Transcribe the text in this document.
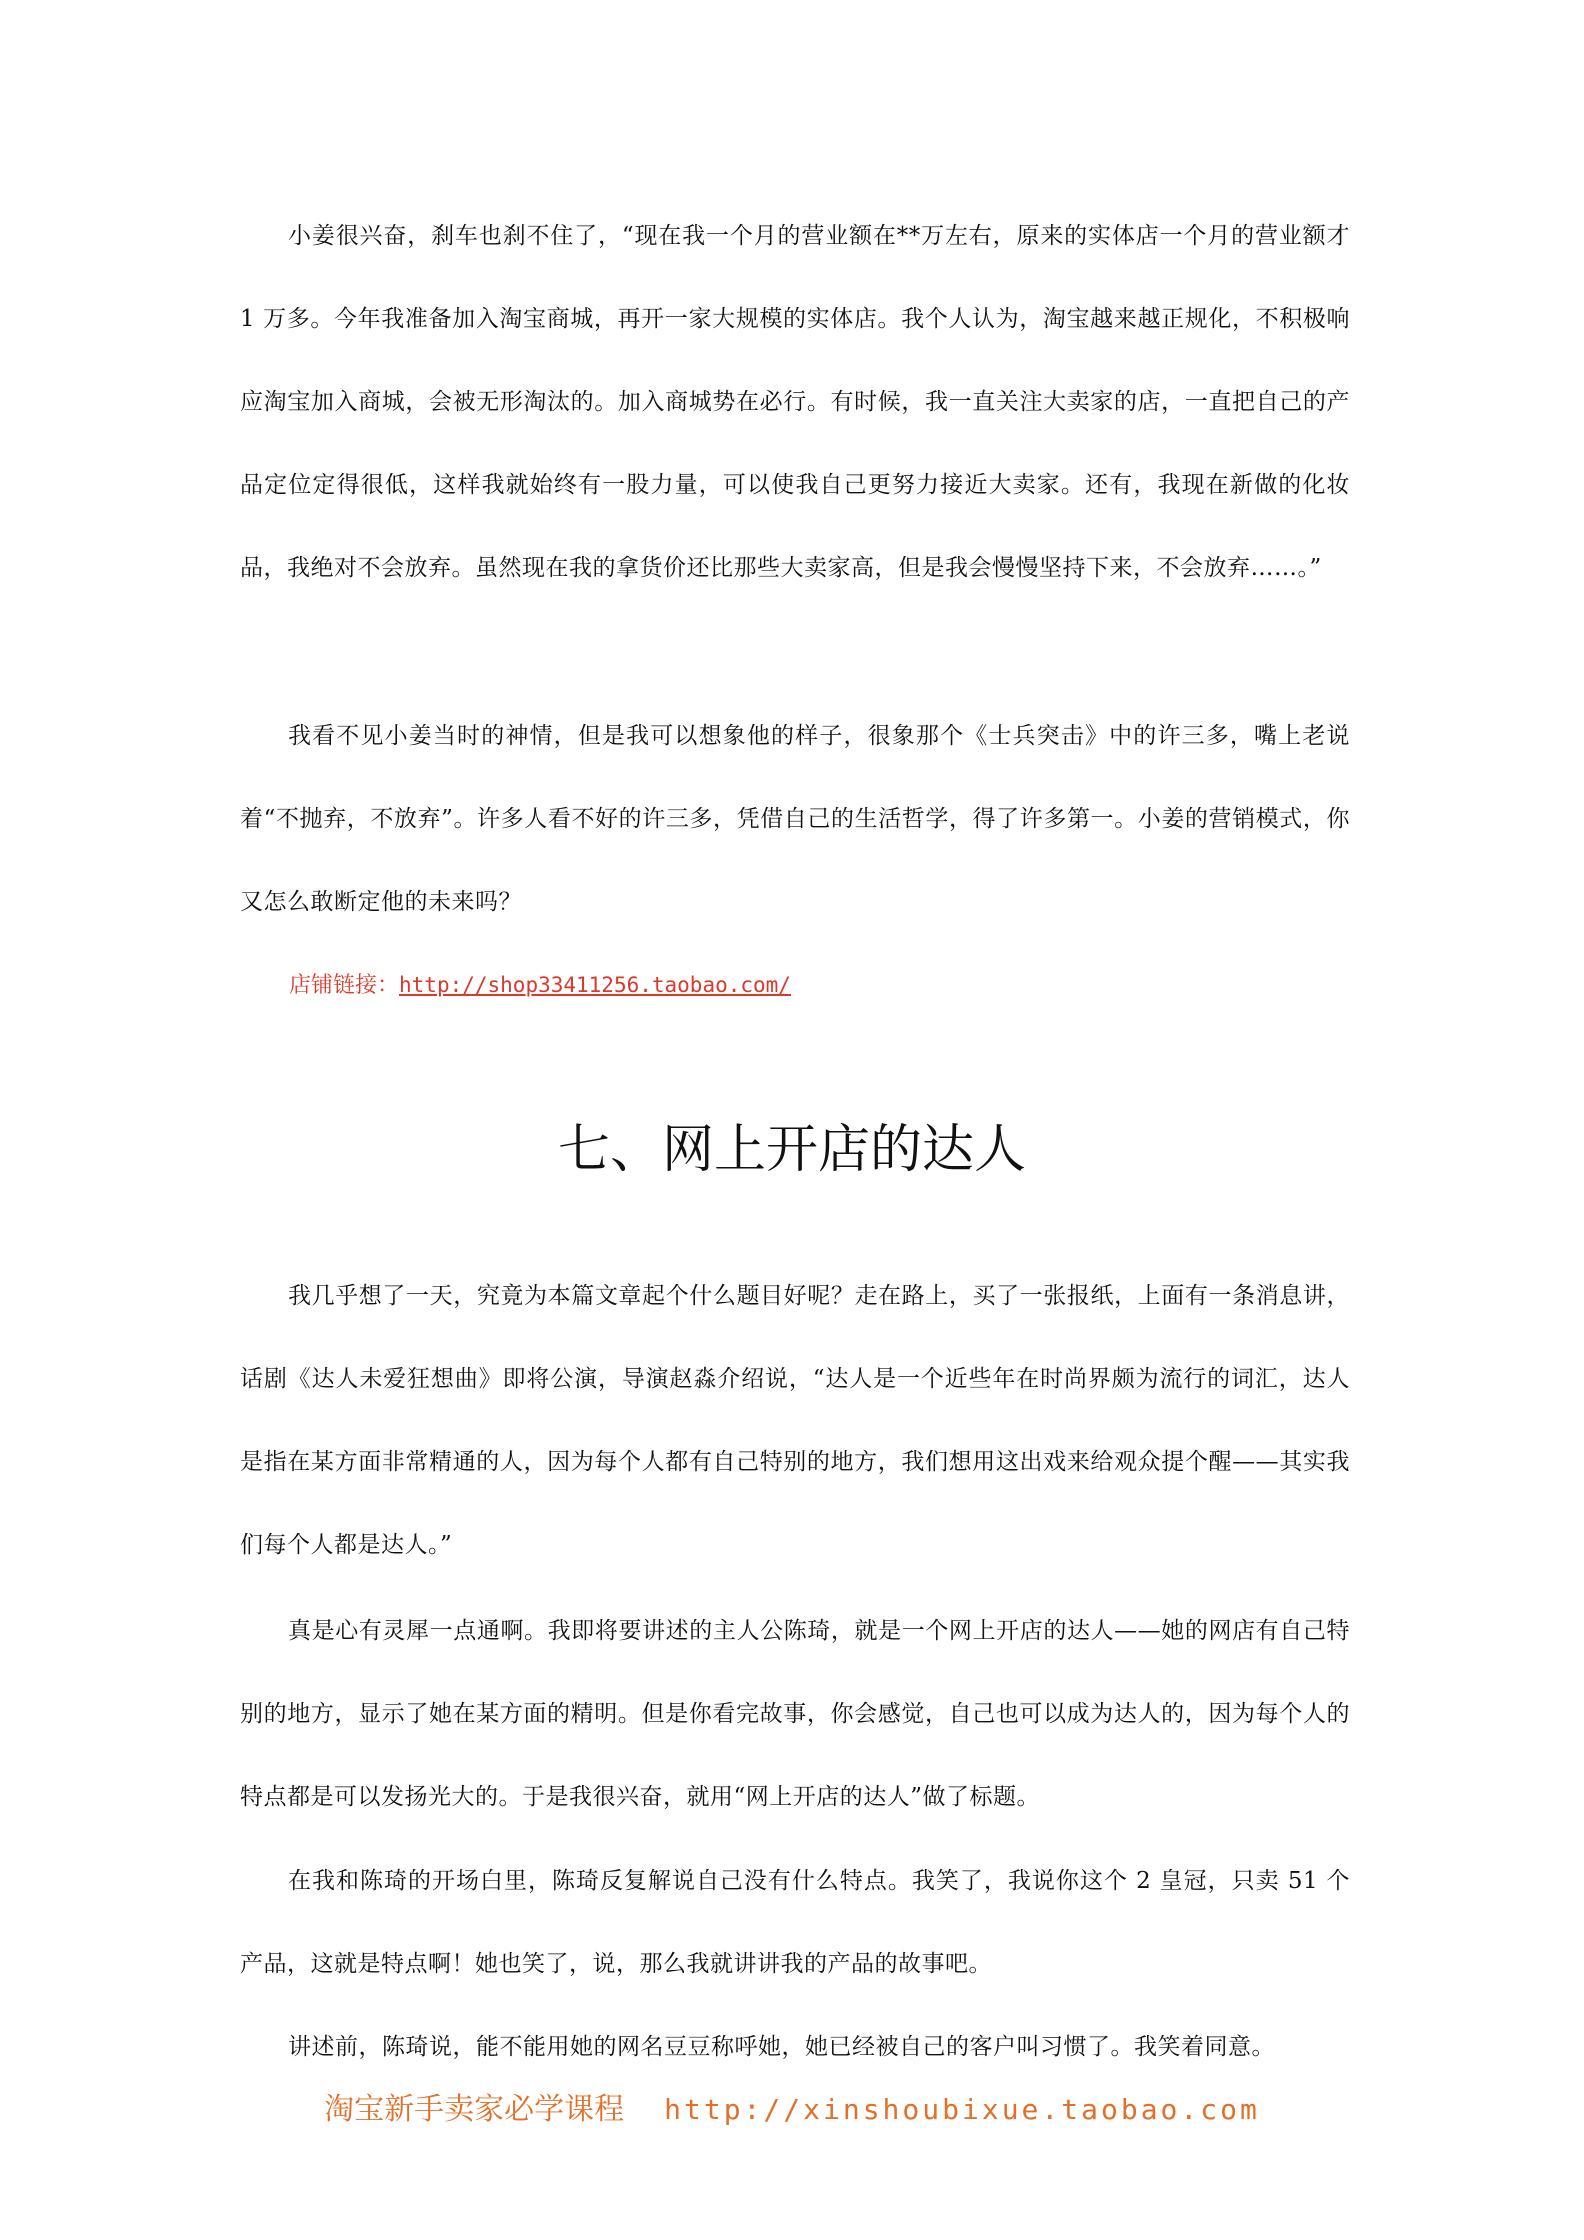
小姜很兴奋，刹车也刹不住了，“现在我一个月的营业额在**万左右，原来的实体店一个月的营业额才 1 万多。今年我准备加入淘宝商城，再开一家大规模的实体店。我个人认为，淘宝越来越正规化，不积极响应淘宝加入商城，会被无形淘汰的。加入商城势在必行。有时候，我一直关注大卖家的店，一直把自己的产品定位定得很低，这样我就始终有一股力量，可以使我自己更努力接近大卖家。还有，我现在新做的化妆品，我绝对不会放弃。虽然现在我的拿货价还比那些大卖家高，但是我会慢慢坚持下来，不会放弃……。”

我看不见小姜当时的神情，但是我可以想象他的样子，很象那个《士兵突击》中的许三多，嘴上老说着“不抛弃，不放弃”。许多人看不好的许三多，凭借自己的生活哲学，得了许多第一。小姜的营销模式，你又怎么敢断定他的未来吗？

店铺链接：http://shop33411256.taobao.com/
七、网上开店的达人

我几乎想了一天，究竟为本篇文章起个什么题目好呢？走在路上，买了一张报纸，上面有一条消息讲，话剧《达人未爱狂想曲》即将公演，导演赵淼介绍说，“达人是一个近些年在时尚界颇为流行的词汇，达人是指在某方面非常精通的人，因为每个人都有自己特别的地方，我们想用这出戏来给观众提个醒——其实我们每个人都是达人。”

真是心有灵犀一点通啊。我即将要讲述的主人公陈琦，就是一个网上开店的达人——她的网店有自己特别的地方，显示了她在某方面的精明。但是你看完故事，你会感觉，自己也可以成为达人的，因为每个人的特点都是可以发扬光大的。于是我很兴奋，就用“网上开店的达人”做了标题。

在我和陈琦的开场白里，陈琦反复解说自己没有什么特点。我笑了，我说你这个 2 皇冠，只卖 51 个产品，这就是特点啊！她也笑了，说，那么我就讲讲我的产品的故事吧。

讲述前，陈琦说，能不能用她的网名豆豆称呼她，她已经被自己的客户叫习惯了。我笑着同意。

淘宝新手卖家必学课程 http://xinshoubixue.taobao.com
